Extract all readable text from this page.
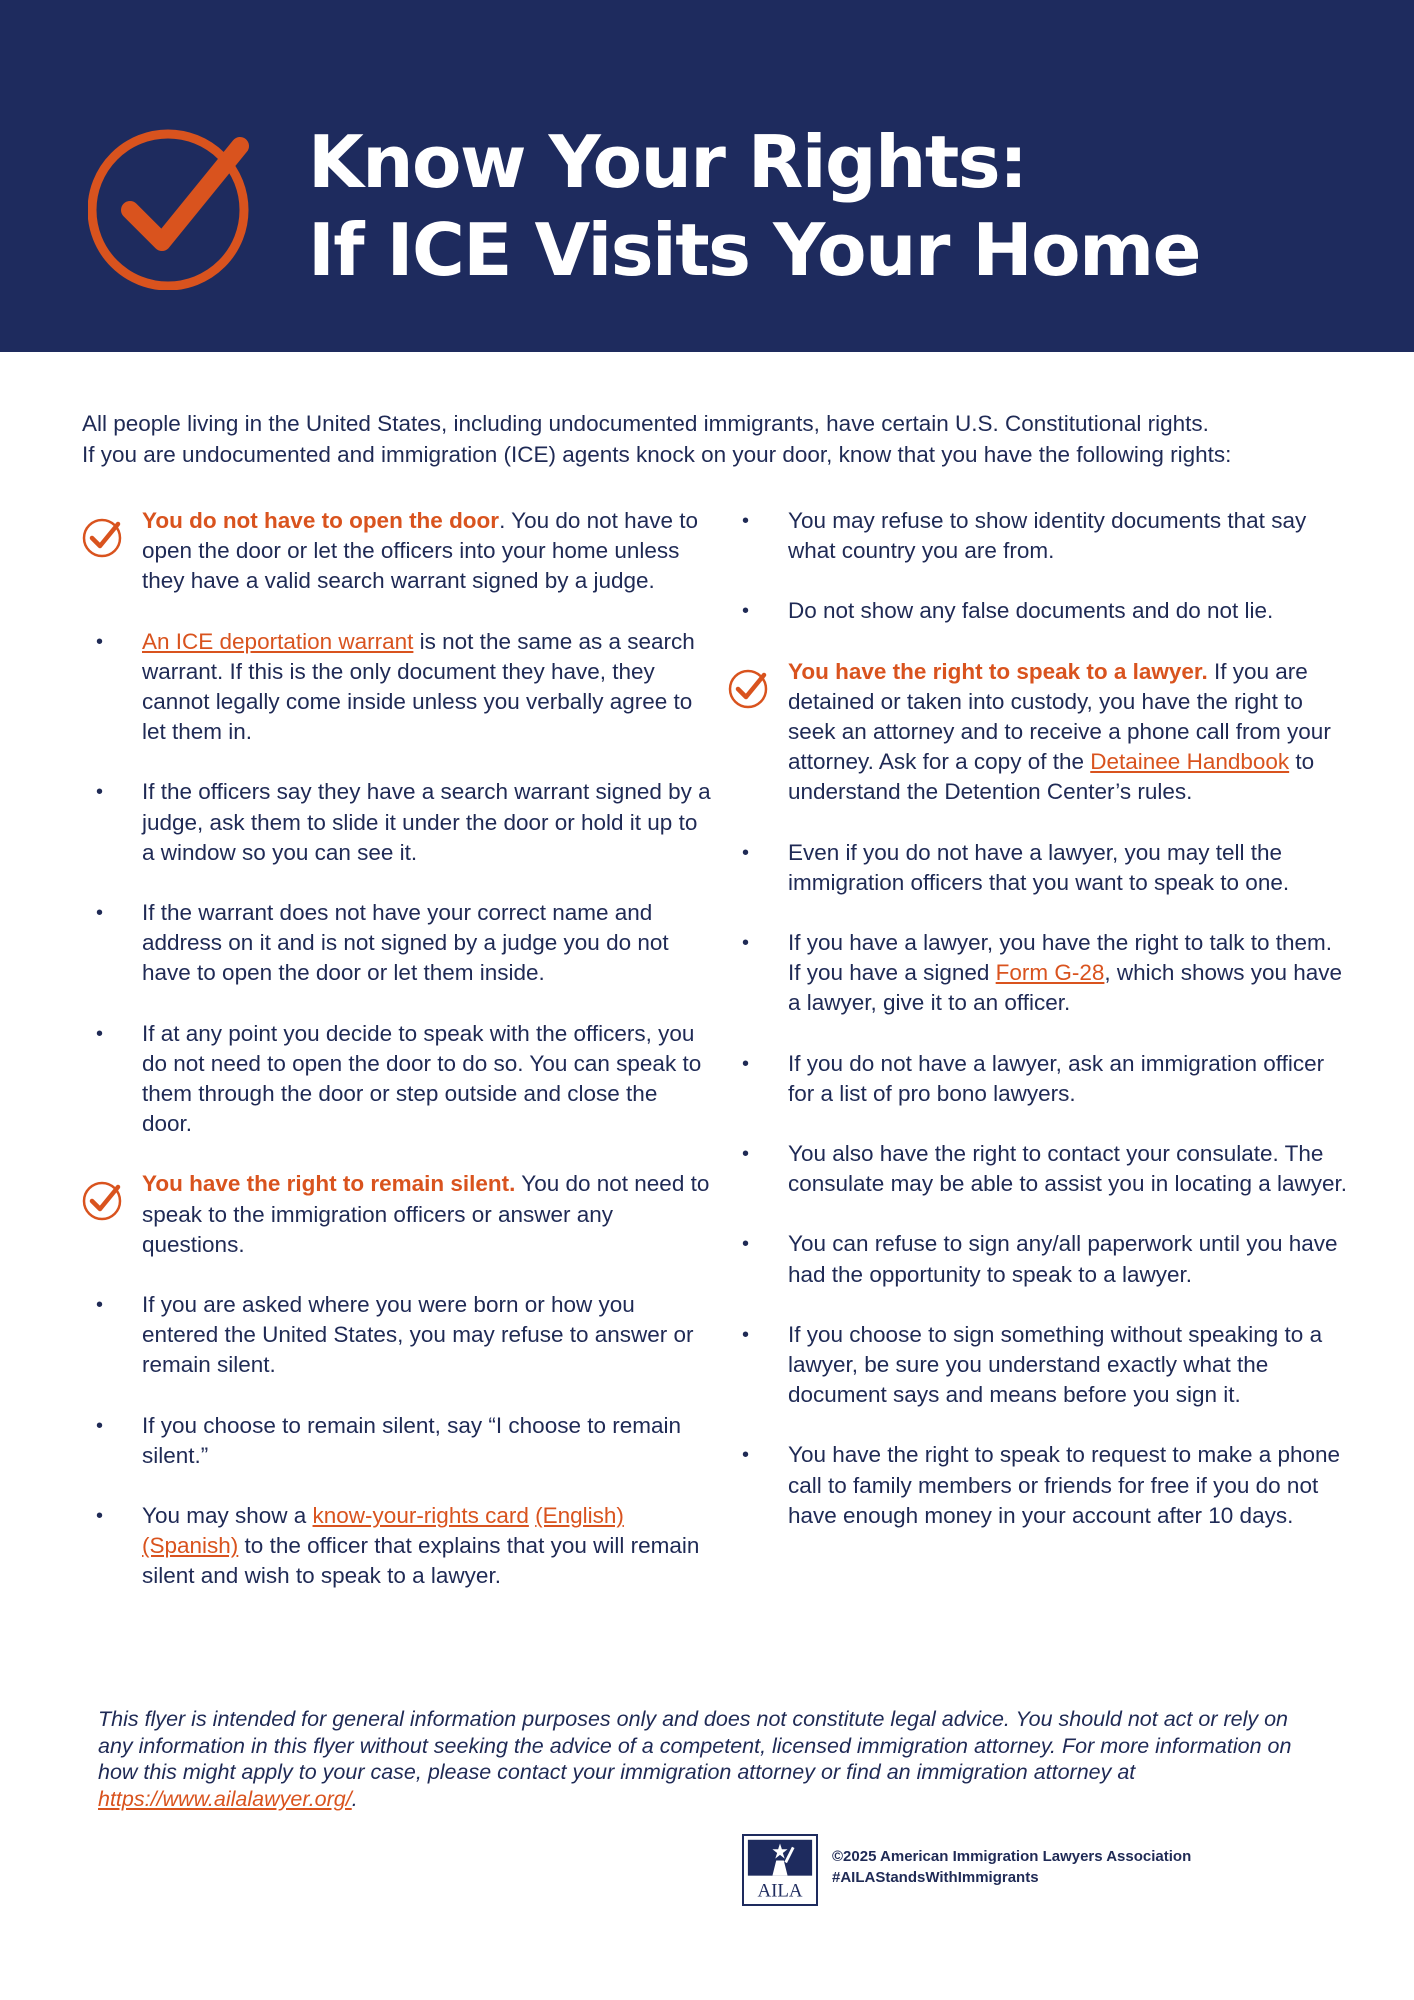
Know Your Rights:
If ICE Visits Your Home
All people living in the United States, including undocumented immigrants, have certain U.S. Constitutional rights.
If you are undocumented and immigration (ICE) agents knock on your door, know that you have the following rights:
You do not have to open the door. You do not have to open the door or let the officers into your home unless they have a valid search warrant signed by a judge.
• An ICE deportation warrant is not the same as a search warrant. If this is the only document they have, they cannot legally come inside unless you verbally agree to let them in.
• If the officers say they have a search warrant signed by a judge, ask them to slide it under the door or hold it up to a window so you can see it.
• If the warrant does not have your correct name and address on it and is not signed by a judge you do not have to open the door or let them inside.
• If at any point you decide to speak with the officers, you do not need to open the door to do so. You can speak to them through the door or step outside and close the door.
You have the right to remain silent. You do not need to speak to the immigration officers or answer any questions.
• If you are asked where you were born or how you entered the United States, you may refuse to answer or remain silent.
• If you choose to remain silent, say “I choose to remain silent.”
• You may show a know-your-rights card (English) (Spanish) to the officer that explains that you will remain silent and wish to speak to a lawyer.
• You may refuse to show identity documents that say what country you are from.
• Do not show any false documents and do not lie.
You have the right to speak to a lawyer. If you are detained or taken into custody, you have the right to seek an attorney and to receive a phone call from your attorney. Ask for a copy of the Detainee Handbook to understand the Detention Center’s rules.
• Even if you do not have a lawyer, you may tell the immigration officers that you want to speak to one.
• If you have a lawyer, you have the right to talk to them. If you have a signed Form G-28, which shows you have a lawyer, give it to an officer.
• If you do not have a lawyer, ask an immigration officer for a list of pro bono lawyers.
• You also have the right to contact your consulate. The consulate may be able to assist you in locating a lawyer.
• You can refuse to sign any/all paperwork until you have had the opportunity to speak to a lawyer.
• If you choose to sign something without speaking to a lawyer, be sure you understand exactly what the document says and means before you sign it.
• You have the right to speak to request to make a phone call to family members or friends for free if you do not have enough money in your account after 10 days.
This flyer is intended for general information purposes only and does not constitute legal advice. You should not act or rely on any information in this flyer without seeking the advice of a competent, licensed immigration attorney. For more information on how this might apply to your case, please contact your immigration attorney or find an immigration attorney at https://www.ailalawyer.org/.
AILA
©2025 American Immigration Lawyers Association
#AILAStandsWithImmigrants
